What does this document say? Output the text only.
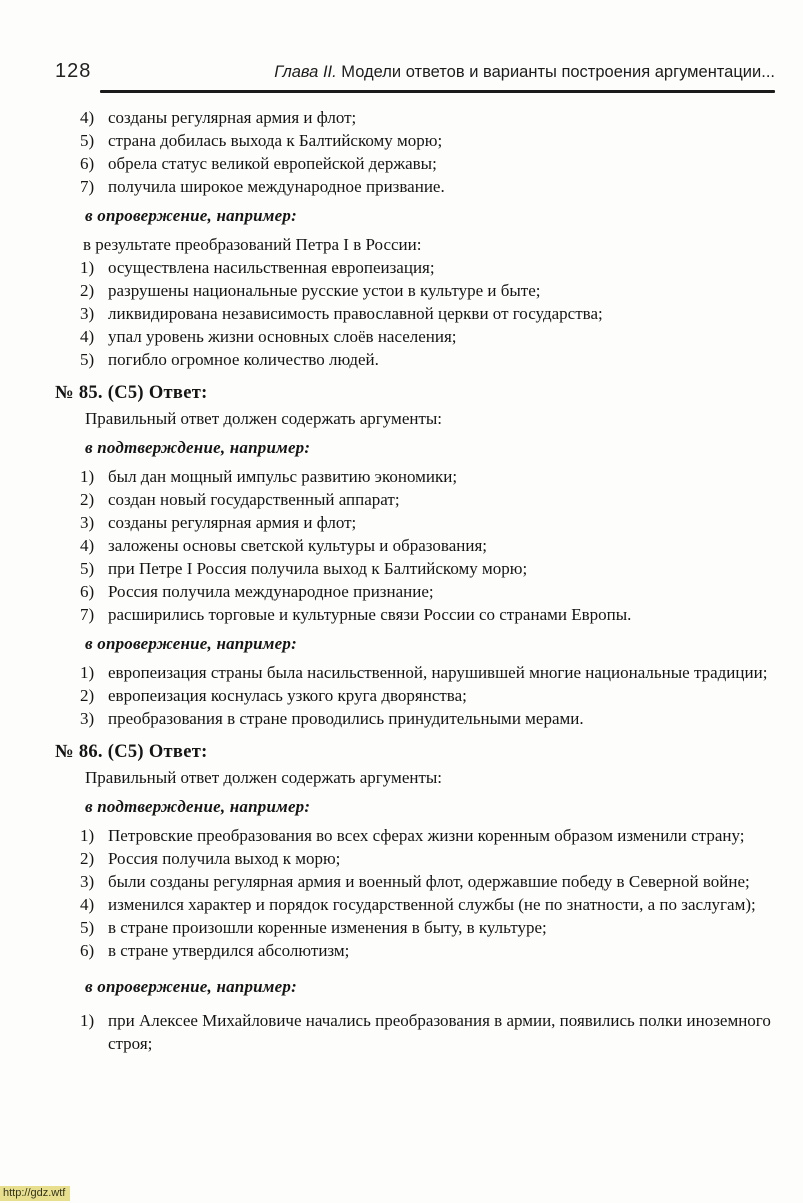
128	Глава II. Модели ответов и варианты построения аргументации...
4) созданы регулярная армия и флот;
5) страна добилась выхода к Балтийскому морю;
6) обрела статус великой европейской державы;
7) получила широкое международное призвание.
в опровержение, например:
в результате преобразований Петра I в России:
1) осуществлена насильственная европеизация;
2) разрушены национальные русские устои в культуре и быте;
3) ликвидирована независимость православной церкви от государства;
4) упал уровень жизни основных слоёв населения;
5) погибло огромное количество людей.
№ 85. (С5) Ответ:
Правильный ответ должен содержать аргументы:
в подтверждение, например:
1) был дан мощный импульс развитию экономики;
2) создан новый государственный аппарат;
3) созданы регулярная армия и флот;
4) заложены основы светской культуры и образования;
5) при Петре I Россия получила выход к Балтийскому морю;
6) Россия получила международное признание;
7) расширились торговые и культурные связи России со странами Европы.
в опровержение, например:
1) европеизация страны была насильственной, нарушившей многие национальные традиции;
2) европеизация коснулась узкого круга дворянства;
3) преобразования в стране проводились принудительными мерами.
№ 86. (С5) Ответ:
Правильный ответ должен содержать аргументы:
в подтверждение, например:
1) Петровские преобразования во всех сферах жизни коренным образом изменили страну;
2) Россия получила выход к морю;
3) были созданы регулярная армия и военный флот, одержавшие победу в Северной войне;
4) изменился характер и порядок государственной службы (не по знатности, а по заслугам);
5) в стране произошли коренные изменения в быту, в культуре;
6) в стране утвердился абсолютизм;
в опровержение, например:
1) при Алексее Михайловиче начались преобразования в армии, появились полки иноземного строя;
http://gdz.wtf
